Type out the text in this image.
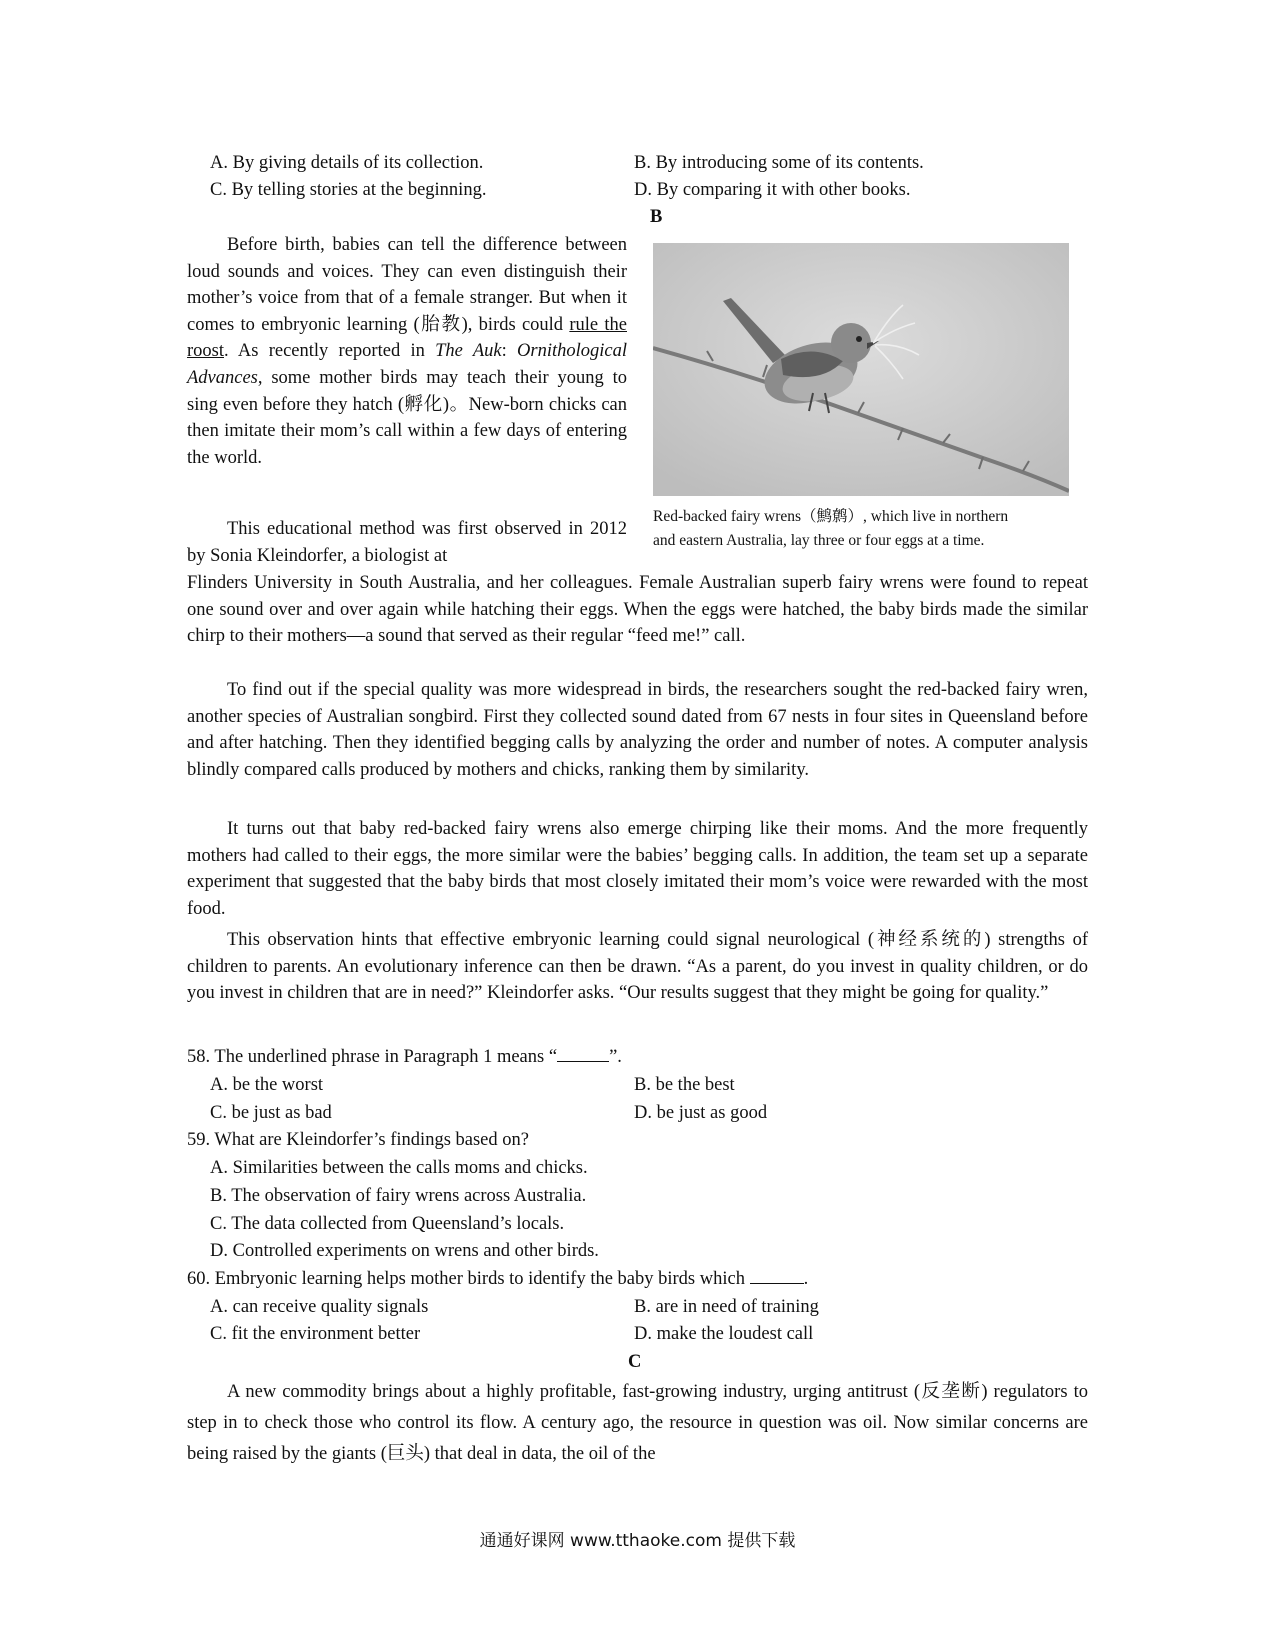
A. By giving details of its collection.	B. By introducing some of its contents.
C. By telling stories at the beginning.	D. By comparing it with other books.
B
Before birth, babies can tell the difference between loud sounds and voices. They can even distinguish their mother’s voice from that of a female stranger. But when it comes to embryonic learning (胎教), birds could rule the roost. As recently reported in The Auk: Ornithological Advances, some mother birds may teach their young to sing even before they hatch (孵化)。New-born chicks can then imitate their mom’s call within a few days of entering the world.
This educational method was first observed in 2012 by Sonia Kleindorfer, a biologist at
Red-backed fairy wrens（鹪鹩）, which live in northern
and eastern Australia, lay three or four eggs at a time.
Flinders University in South Australia, and her colleagues. Female Australian superb fairy wrens were found to repeat one sound over and over again while hatching their eggs. When the eggs were hatched, the baby birds made the similar chirp to their mothers—a sound that served as their regular “feed me!” call.
To find out if the special quality was more widespread in birds, the researchers sought the red-backed fairy wren, another species of Australian songbird. First they collected sound dated from 67 nests in four sites in Queensland before and after hatching. Then they identified begging calls by analyzing the order and number of notes. A computer analysis blindly compared calls produced by mothers and chicks, ranking them by similarity.
It turns out that baby red-backed fairy wrens also emerge chirping like their moms. And the more frequently mothers had called to their eggs, the more similar were the babies’ begging calls. In addition, the team set up a separate experiment that suggested that the baby birds that most closely imitated their mom’s voice were rewarded with the most food.
This observation hints that effective embryonic learning could signal neurological (神经系统的) strengths of children to parents. An evolutionary inference can then be drawn. “As a parent, do you invest in quality children, or do you invest in children that are in need?” Kleindorfer asks. “Our results suggest that they might be going for quality.”
58. The underlined phrase in Paragraph 1 means “	”.
A. be the worst	B. be the best
C. be just as bad	D. be just as good
59. What are Kleindorfer’s findings based on?
A. Similarities between the calls moms and chicks.
B. The observation of fairy wrens across Australia.
C. The data collected from Queensland’s locals.
D. Controlled experiments on wrens and other birds.
60. Embryonic learning helps mother birds to identify the baby birds which	.
A. can receive quality signals	B. are in need of training
C. fit the environment better	D. make the loudest call
C
A new commodity brings about a highly profitable, fast-growing industry, urging antitrust (反垄断) regulators to step in to check those who control its flow. A century ago, the resource in question was oil. Now similar concerns are being raised by the giants (巨头) that deal in data, the oil of the
通通好课网 www.tthaoke.com 提供下载
